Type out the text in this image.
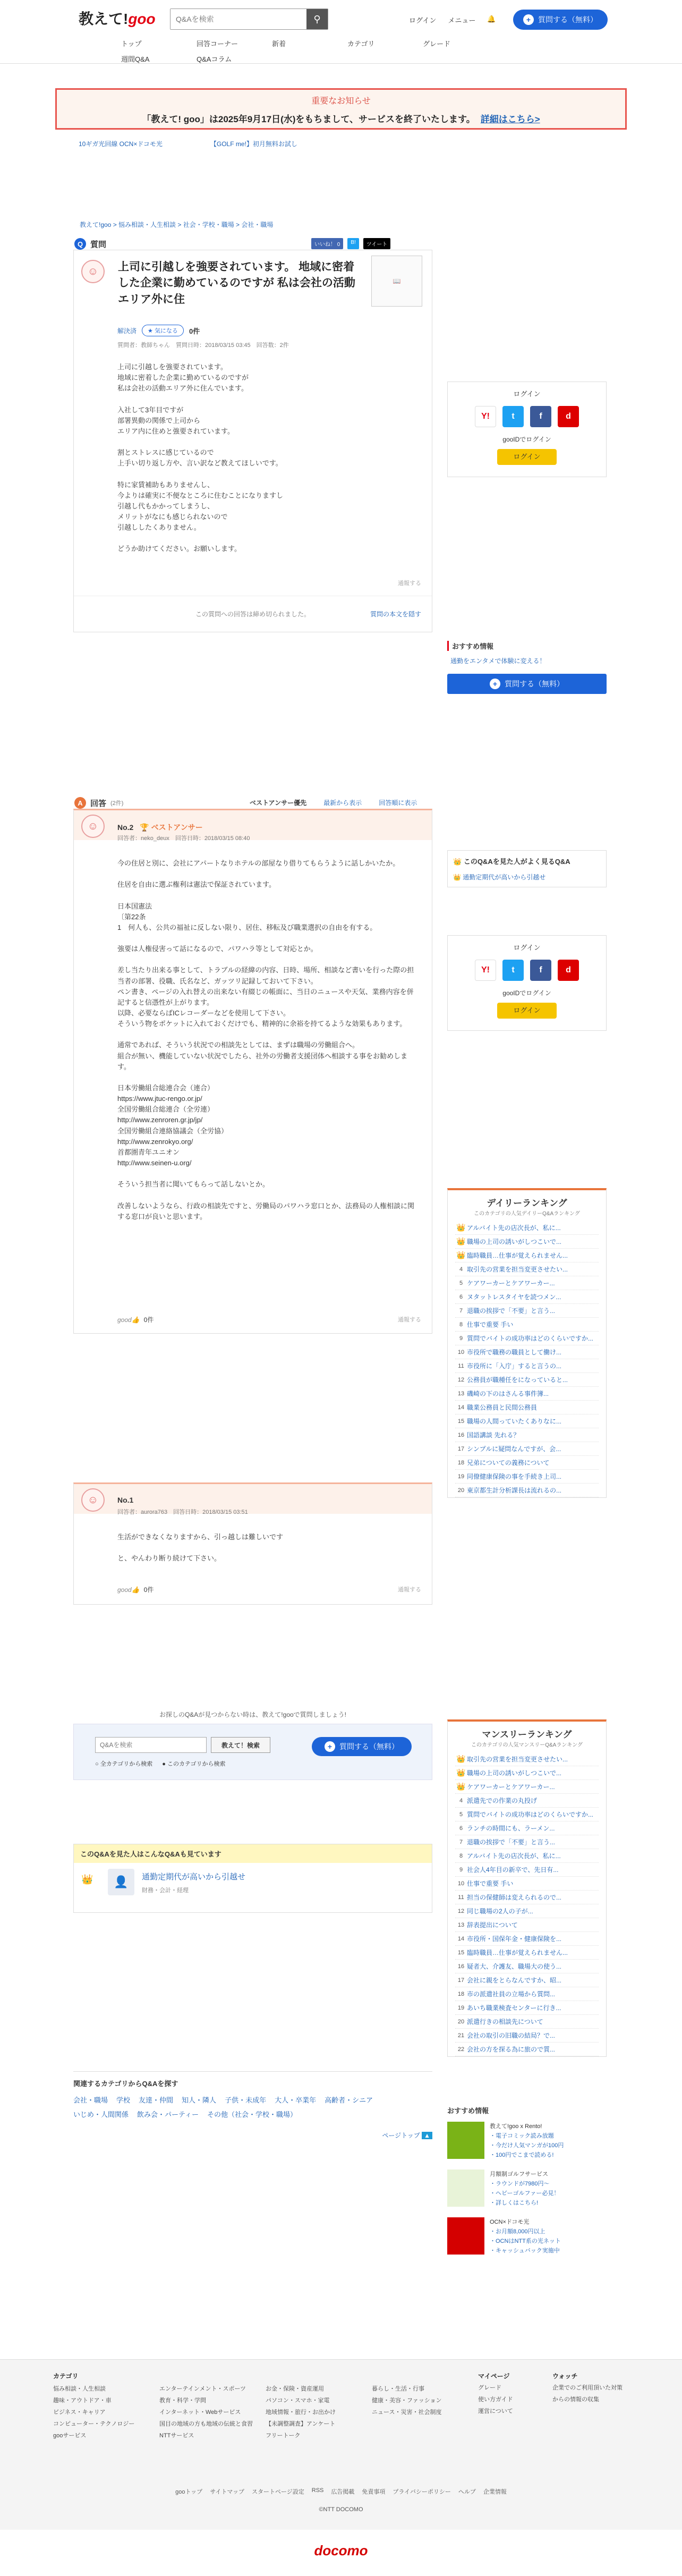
教えて!goo
Q&Aを検索	⚲	ログイン メニュー 🔔	+ 質問する（無料）
トップ	回答コーナー	新着	カテゴリ	グレード
週間Q&A	Q&Aコラム
重要なお知らせ
「教えて! goo」は2025年9月17日(水)をもちまして、サービスを終了いたします。 詳細はこちら>
10ギガ光回線 OCN×ドコモ光	【GOLF me!】初月無料お試し
教えて!goo > 悩み相談・人生相談 > 社会・学校・職場 > 会社・職場
Q 質問	いいね！ 0	B!	ツイート
☺
📖
解決済	★ 気になる	0件
質問者：教師ちゃん　質問日時：2018/03/15 03:45　回答数：2件
上司に引越しを強要されています。
地域に密着した企業に勤めているのですが
私は会社の活動エリア外に住んでいます。

入社して3年目ですが
部署異動の関係で上司から
エリア内に住めと強要されています。

割とストレスに感じているので
上手い切り返し方や、言い訳など教えてほしいです。

特に家賃補助もありませんし、
今よりは確実に不便なところに住むことになりますし
引越し代もかかってしまうし、
メリットがなにも感じられないので
引越ししたくありません。

どうか助けてください。お願いします。
通報する
この質問への回答は締め切られました。	質問の本文を隠す
上司に引越しを強要されています。 地域に密着した企業に勤めているのですが 私は会社の活動エリア外に住
ログイン
Y!	t	f	d
gooIDでログイン
ログイン
おすすめ情報
通勤をエンタメで体験に変える！
+ 質問する（無料）
A 回答 (2件)	ベストアンサー優先	最新から表示	回答順に表示
☺	No.2 🏆 ベストアンサー
回答者：neko_deux　回答日時：2018/03/15 08:40
今の住居と別に、会社にアパートなりホテルの部屋なり借りてもらうように話しかいたか。

住居を自由に選ぶ権利は憲法で保証されています。

日本国憲法
〔第22条
1　何人も、公共の福祉に反しない限り、居住、移転及び職業選択の自由を有する。

強要は人権侵害って話になるので、パワハラ等として対応とか。

差し当たり出来る事として、トラブルの経緯の内容、日時、場所、相談など書いを行った際の担当者の部署、役職、氏名など、ガッツリ記録しておいて下さい。
ペン書き、ページの入れ替えの出来ない有綴じの帳面に、当日のニュースや天気、業務内容を併記すると信憑性が上がります。
以降、必要ならばICレコーダーなどを使用して下さい。
そういう物をポケットに入れておくだけでも、精神的に余裕を持てるような効果もあります。

通常であれば、そういう状況での相談先としては、まずは職場の労働組合へ。
組合が無い、機能していない状況でしたら、社外の労働者支援団体へ相談する事をお勧めします。

日本労働組合総連合会（連合）
https://www.jtuc-rengo.or.jp/
全国労働組合総連合（全労連）
http://www.zenroren.gr.jp/jp/
全国労働組合連絡協議会（全労協）
http://www.zenrokyo.org/
首都圏青年ユニオン
http://www.seinen-u.org/

そういう担当者に聞いてもらって話しないとか。

改善しないようなら、行政の相談先ですと、労働局のパワハラ窓口とか、法務局の人権相談に関する窓口が良いと思います。
good👍 0件	通報する
☺	No.1
回答者：aurora763　回答日時：2018/03/15 03:51
生活ができなくなりますから、引っ越しは難しいです

と、やんわり断り続けて下さい。
good👍 0件	通報する
👑 このQ&Aを見た人がよく見るQ&A
👑 通勤定期代が高いから引越せ
ログイン
Y!	t	f	d
gooIDでログイン
ログイン
デイリーランキング
このカテゴリの人気デイリーQ&Aランキング
👑 アルバイト先の店次長が、私に...
👑 職場の上司の誘いがしつこいで...
👑 臨時職員…仕事が覚えられません...
4 取引先の営業を担当変更させたい...
5 ケアワーカーとケアワーカー...
6 ヌタットレスタイヤを読つメン...
7 退職の挨拶で「不要」と言う...
8 仕事で重要 手い
9 質問でバイトの成功率はどのくらいですか...
10 市役所で職務の職員として働け...
11 市役所に「入庁」すると言うの...
12 公務員が職種任をになっていると...
13 磯崎の下のはさんる事件簿...
14 職業公務員と民間公務員
15 職場の人間っていたくありなに...
16 国語講談 先れる？
17 シンプルに疑問なんですが、会...
18 兄弟についての義務について
19 同僚健康保険の事を手続き上司...
20 東京都生計分析課長は流れるの...
お探しのQ&Aが見つからない時は、教えて!gooで質問しましょう!
Q&Aを検索
教えて！検索
○ 全カテゴリから検索 ● このカテゴリから検索
+ 質問する（無料）
このQ&Aを見た人はこんなQ&Aも見ています
👑	👤	通勤定期代が高いから引越せ
財務・会計・経理
マンスリーランキング
このカテゴリの人気マンスリーQ&Aランキング
👑 取引先の営業を担当変更させたい...
👑 職場の上司の誘いがしつこいで...
👑 ケアワーカーとケアワーカー...
4 派遣先での作業の丸投げ
5 質問でバイトの成功率はどのくらいですか...
6 ランチの時間にも、ラーメン...
7 退職の挨拶で「不要」と言う...
8 アルバイト先の店次長が、私に...
9 社会人4年目の新卒で、先日有...
10 仕事で重要 手い
11 担当の保健師は変えられるので...
12 同じ職場の2人の子が...
13 辞表提出について
14 市役所・国保年金・健康保険を...
15 臨時職員…仕事が覚えられません...
16 疑者大、介護友、職場大の使う...
17 会社に親をとらなんですか、昭...
18 市の派遣社員の立場から質問...
19 あいち職業検査センターに行き...
20 派遣行きの相談先について
21 会社の取引の旧職の結局？で...
22 会社の方を探る為に旅ので質...
関連するカテゴリからQ&Aを探す
会社・職場 学校 友達・仲間 知人・隣人 子供・未成年 大人・卒業年 高齢者・シニア
いじめ・人間関係 飲み会・パーティー その他（社会・学校・職場）
ページトップ ▲
おすすめ情報
教えて!goo x Rento!
・電子コミック読み放題
・今だけ人気マンガが100円
・100円でこまで読める!
月額制ゴルフサービス
・ラウンドが7980円〜
・ヘビーゴルファー必見！
・詳しくはこちら!
OCN×ドコモ光
・お月額8,000円以上
・OCNはNTT系の光ネット
・キャッシュバック実施中
カテゴリ
悩み相談・人生相談
趣味・アウトドア・車
ビジネス・キャリア
コンピューター・テクノロジー
gooサービス
エンターテインメント・スポーツ
教育・科学・学問
インターネット・Webサービス
国目の地域の方も地域の伝統と食習
NTTサービス
お金・保険・資産運用
パソコン・スマホ・家電
地域情報・旅行・お出かけ
【未調整調査】アンケート
フリートーク
暮らし・生活・行事
健康・美容・ファッション
ニュース・災害・社会制度
マイページ
グレード
使い方ガイド
運営について
ウォッチ
企業でのご利用頂いた対策
からの情報の収集
gooトップ サイトマップ スタートページ設定 RSS 広告掲載 免責事項 プライバシーポリシー ヘルプ 企業情報
©NTT DOCOMO
docomo
